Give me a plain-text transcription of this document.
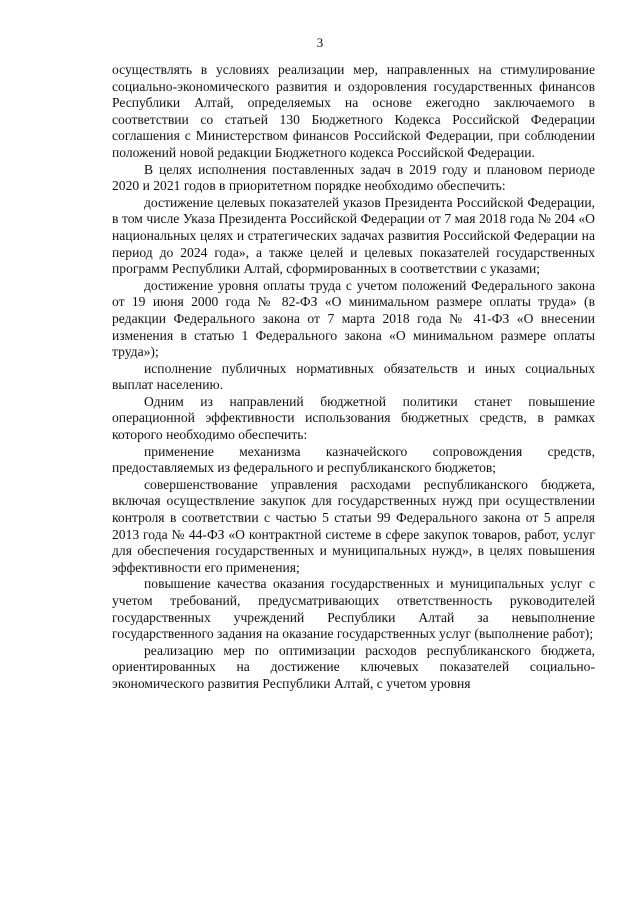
3

осуществлять в условиях реализации мер, направленных на стимулирование социально-экономического развития и оздоровления государственных финансов Республики Алтай, определяемых на основе ежегодно заключаемого в соответствии со статьей 130 Бюджетного Кодекса Российской Федерации соглашения с Министерством финансов Российской Федерации, при соблюдении положений новой редакции Бюджетного кодекса Российской Федерации.

В целях исполнения поставленных задач в 2019 году и плановом периоде 2020 и 2021 годов в приоритетном порядке необходимо обеспечить:

достижение целевых показателей указов Президента Российской Федерации, в том числе Указа Президента Российской Федерации от 7 мая 2018 года № 204 «О национальных целях и стратегических задачах развития Российской Федерации на период до 2024 года», а также целей и целевых показателей государственных программ Республики Алтай, сформированных в соответствии с указами;

достижение уровня оплаты труда с учетом положений Федерального закона от 19 июня 2000 года № 82-ФЗ «О минимальном размере оплаты труда» (в редакции Федерального закона от 7 марта 2018 года № 41-ФЗ «О внесении изменения в статью 1 Федерального закона «О минимальном размере оплаты труда»);

исполнение публичных нормативных обязательств и иных социальных выплат населению.

Одним из направлений бюджетной политики станет повышение операционной эффективности использования бюджетных средств, в рамках которого необходимо обеспечить:

применение механизма казначейского сопровождения средств, предоставляемых из федерального и республиканского бюджетов;

совершенствование управления расходами республиканского бюджета, включая осуществление закупок для государственных нужд при осуществлении контроля в соответствии с частью 5 статьи 99 Федерального закона от 5 апреля 2013 года № 44-ФЗ «О контрактной системе в сфере закупок товаров, работ, услуг для обеспечения государственных и муниципальных нужд», в целях повышения эффективности его применения;

повышение качества оказания государственных и муниципальных услуг с учетом требований, предусматривающих ответственность руководителей государственных учреждений Республики Алтай за невыполнение государственного задания на оказание государственных услуг (выполнение работ);

реализацию мер по оптимизации расходов республиканского бюджета, ориентированных на достижение ключевых показателей социально-экономического развития Республики Алтай, с учетом уровня
